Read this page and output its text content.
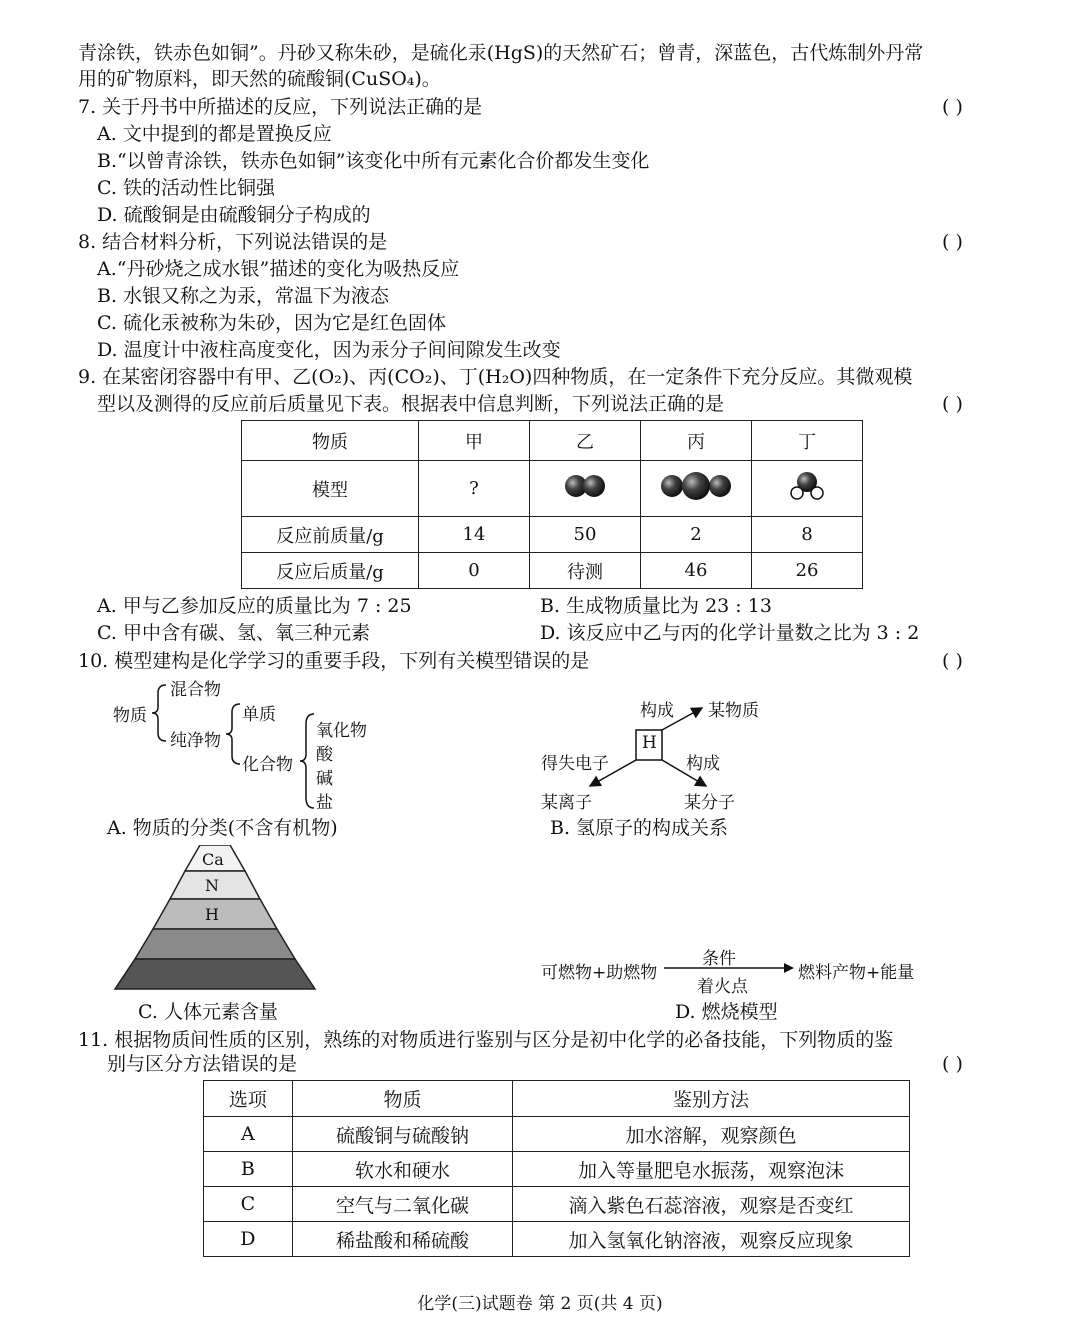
青涂铁，铁赤色如铜”。丹砂又称朱砂，是硫化汞(HgS)的天然矿石；曾青，深蓝色，古代炼制外丹常
用的矿物原料，即天然的硫酸铜(CuSO₄)。
7. 关于丹书中所描述的反应，下列说法正确的是	( )
A. 文中提到的都是置换反应
B.“以曾青涂铁，铁赤色如铜”该变化中所有元素化合价都发生变化
C. 铁的活动性比铜强
D. 硫酸铜是由硫酸铜分子构成的
8. 结合材料分析，下列说法错误的是	( )
A.“丹砂烧之成水银”描述的变化为吸热反应
B. 水银又称之为汞，常温下为液态
C. 硫化汞被称为朱砂，因为它是红色固体
D. 温度计中液柱高度变化，因为汞分子间间隙发生改变
9. 在某密闭容器中有甲、乙(O₂)、丙(CO₂)、丁(H₂O)四种物质，在一定条件下充分反应。其微观模
型以及测得的反应前后质量见下表。根据表中信息判断，下列说法正确的是	( )
物质	甲	乙	丙	丁
模型	?			
反应前质量/g	14	50	2	8
反应后质量/g	0	待测	46	26
A. 甲与乙参加反应的质量比为 7 : 25	B. 生成物质量比为 23 : 13
C. 甲中含有碳、氢、氧三种元素	D. 该反应中乙与丙的化学计量数之比为 3 : 2
10. 模型建构是化学学习的重要手段，下列有关模型错误的是	( )
物质
混合物
纯净物
单质
化合物
氧化物
酸
碱
盐
A. 物质的分类(不含有机物)
H
构成 某物质
得失电子	构成
某离子	某分子
B. 氢原子的构成关系
Ca
N
H
C. 人体元素含量
可燃物+助燃物
条件
着火点
燃料产物+能量
D. 燃烧模型
11. 根据物质间性质的区别，熟练的对物质进行鉴别与区分是初中化学的必备技能，下列物质的鉴
别与区分方法错误的是	( )
选项	物质	鉴别方法
A	硫酸铜与硫酸钠	加水溶解，观察颜色
B	软水和硬水	加入等量肥皂水振荡，观察泡沫
C	空气与二氧化碳	滴入紫色石蕊溶液，观察是否变红
D	稀盐酸和稀硫酸	加入氢氧化钠溶液，观察反应现象
化学(三)试题卷 第 2 页(共 4 页)
